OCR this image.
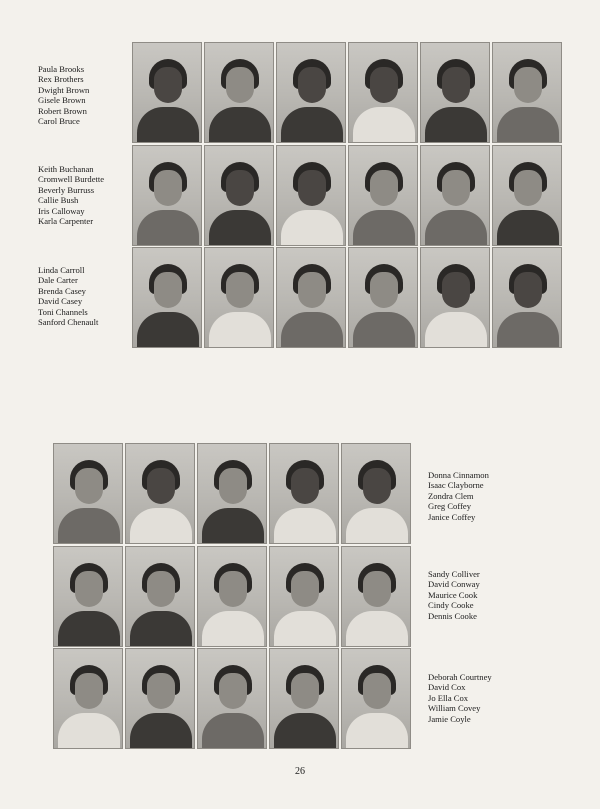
Paula Brooks
Rex Brothers
Dwight Brown
Gisele Brown
Robert Brown
Carol Bruce
Keith Buchanan
Cromwell Burdette
Beverly Burruss
Callie Bush
Iris Calloway
Karla Carpenter
Linda Carroll
Dale Carter
Brenda Casey
David Casey
Toni Channels
Sanford Chenault
Donna Cinnamon
Isaac Clayborne
Zondra Clem
Greg Coffey
Janice Coffey
Sandy Colliver
David Conway
Maurice Cook
Cindy Cooke
Dennis Cooke
Deborah Courtney
David Cox
Jo Ella Cox
William Covey
Jamie Coyle
26
